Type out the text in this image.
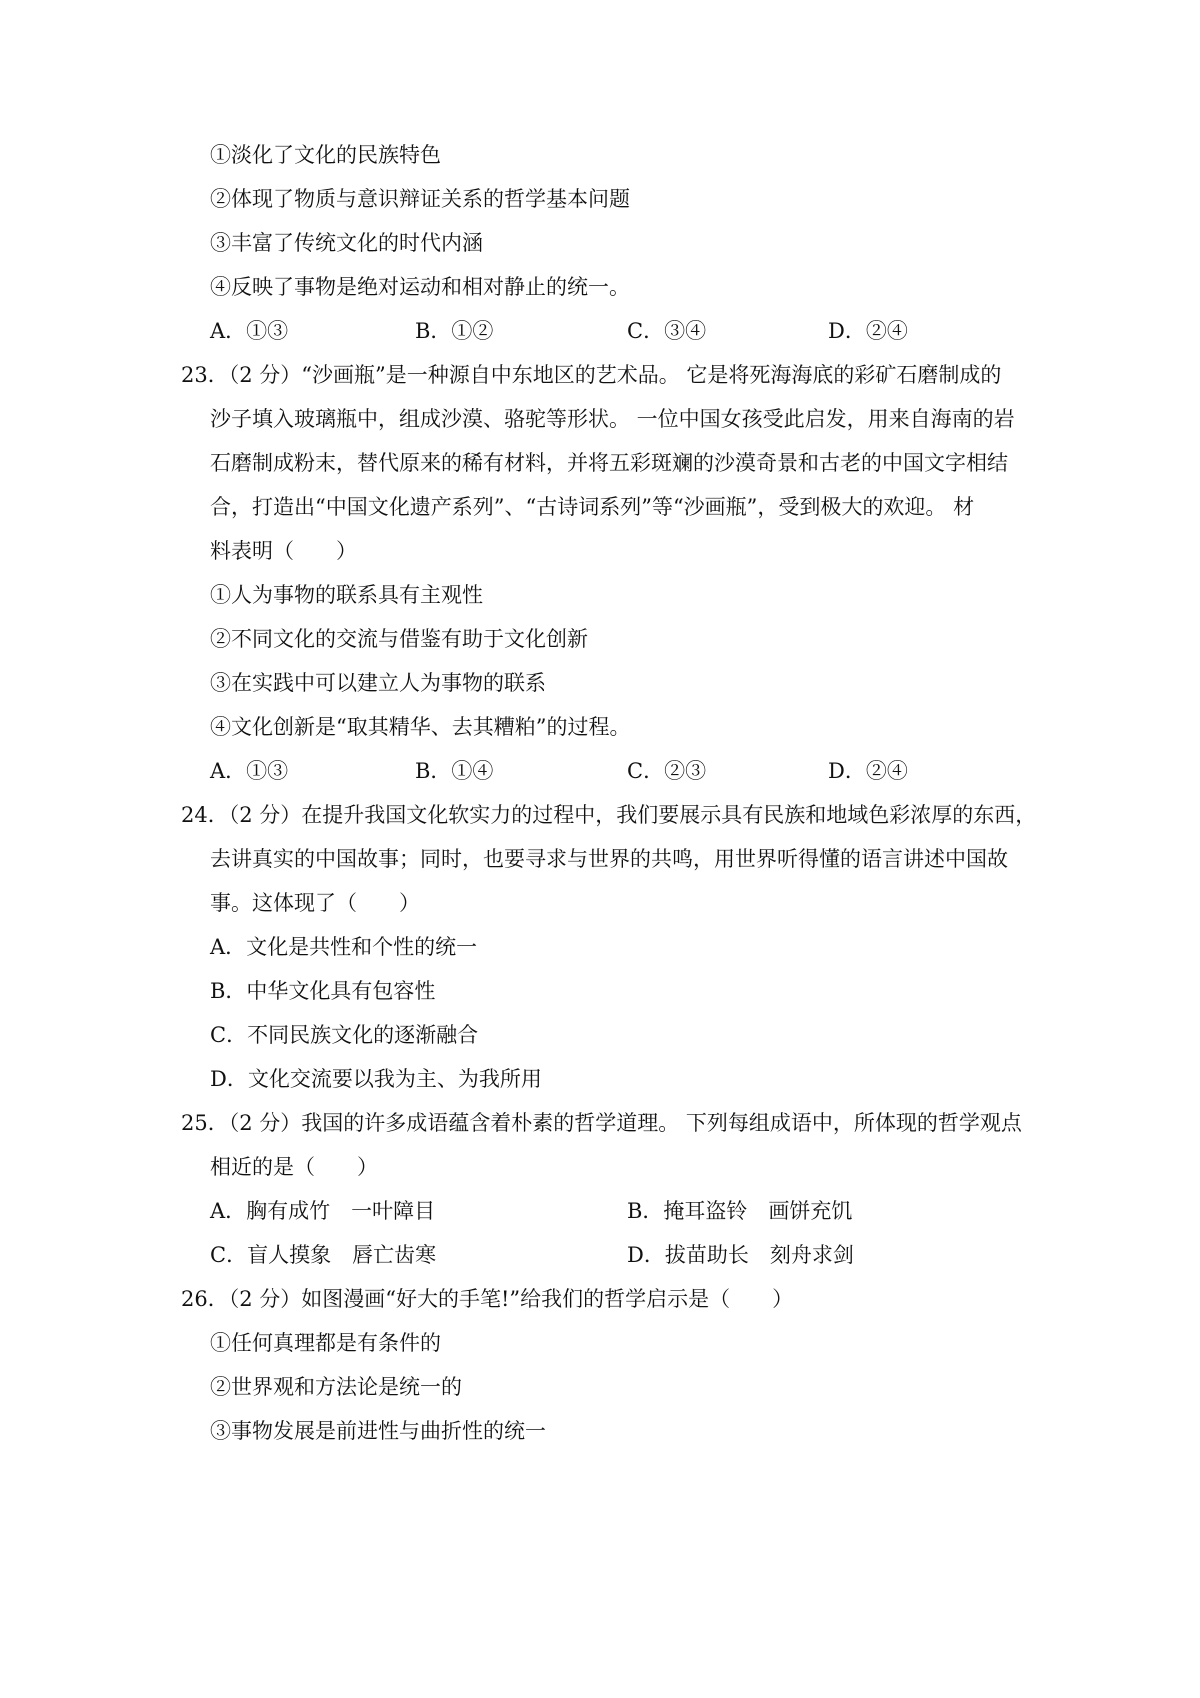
①淡化了文化的民族特色
②体现了物质与意识辩证关系的哲学基本问题
③丰富了传统文化的时代内涵
④反映了事物是绝对运动和相对静止的统一。
A．①③	B．①②	C．③④	D．②④
23．（2 分）“沙画瓶”是一种源自中东地区的艺术品。 它是将死海海底的彩矿石磨制成的
沙子填入玻璃瓶中，组成沙漠、骆驼等形状。 一位中国女孩受此启发，用来自海南的岩
石磨制成粉末，替代原来的稀有材料，并将五彩斑斓的沙漠奇景和古老的中国文字相结
合，打造出“中国文化遗产系列”、“古诗词系列”等“沙画瓶”，受到极大的欢迎。 材
料表明（　　）
①人为事物的联系具有主观性
②不同文化的交流与借鉴有助于文化创新
③在实践中可以建立人为事物的联系
④文化创新是“取其精华、去其糟粕”的过程。
A．①③	B．①④	C．②③	D．②④
24．（2 分）在提升我国文化软实力的过程中，我们要展示具有民族和地域色彩浓厚的东西，
去讲真实的中国故事；同时，也要寻求与世界的共鸣，用世界听得懂的语言讲述中国故
事。这体现了（　　）
A．文化是共性和个性的统一
B．中华文化具有包容性
C．不同民族文化的逐渐融合
D．文化交流要以我为主、为我所用
25．（2 分）我国的许多成语蕴含着朴素的哲学道理。 下列每组成语中，所体现的哲学观点
相近的是（　　）
A．胸有成竹　一叶障目	B．掩耳盗铃　画饼充饥
C．盲人摸象　唇亡齿寒	D．拔苗助长　刻舟求剑
26．（2 分）如图漫画“好大的手笔!”给我们的哲学启示是（　　）
①任何真理都是有条件的
②世界观和方法论是统一的
③事物发展是前进性与曲折性的统一
